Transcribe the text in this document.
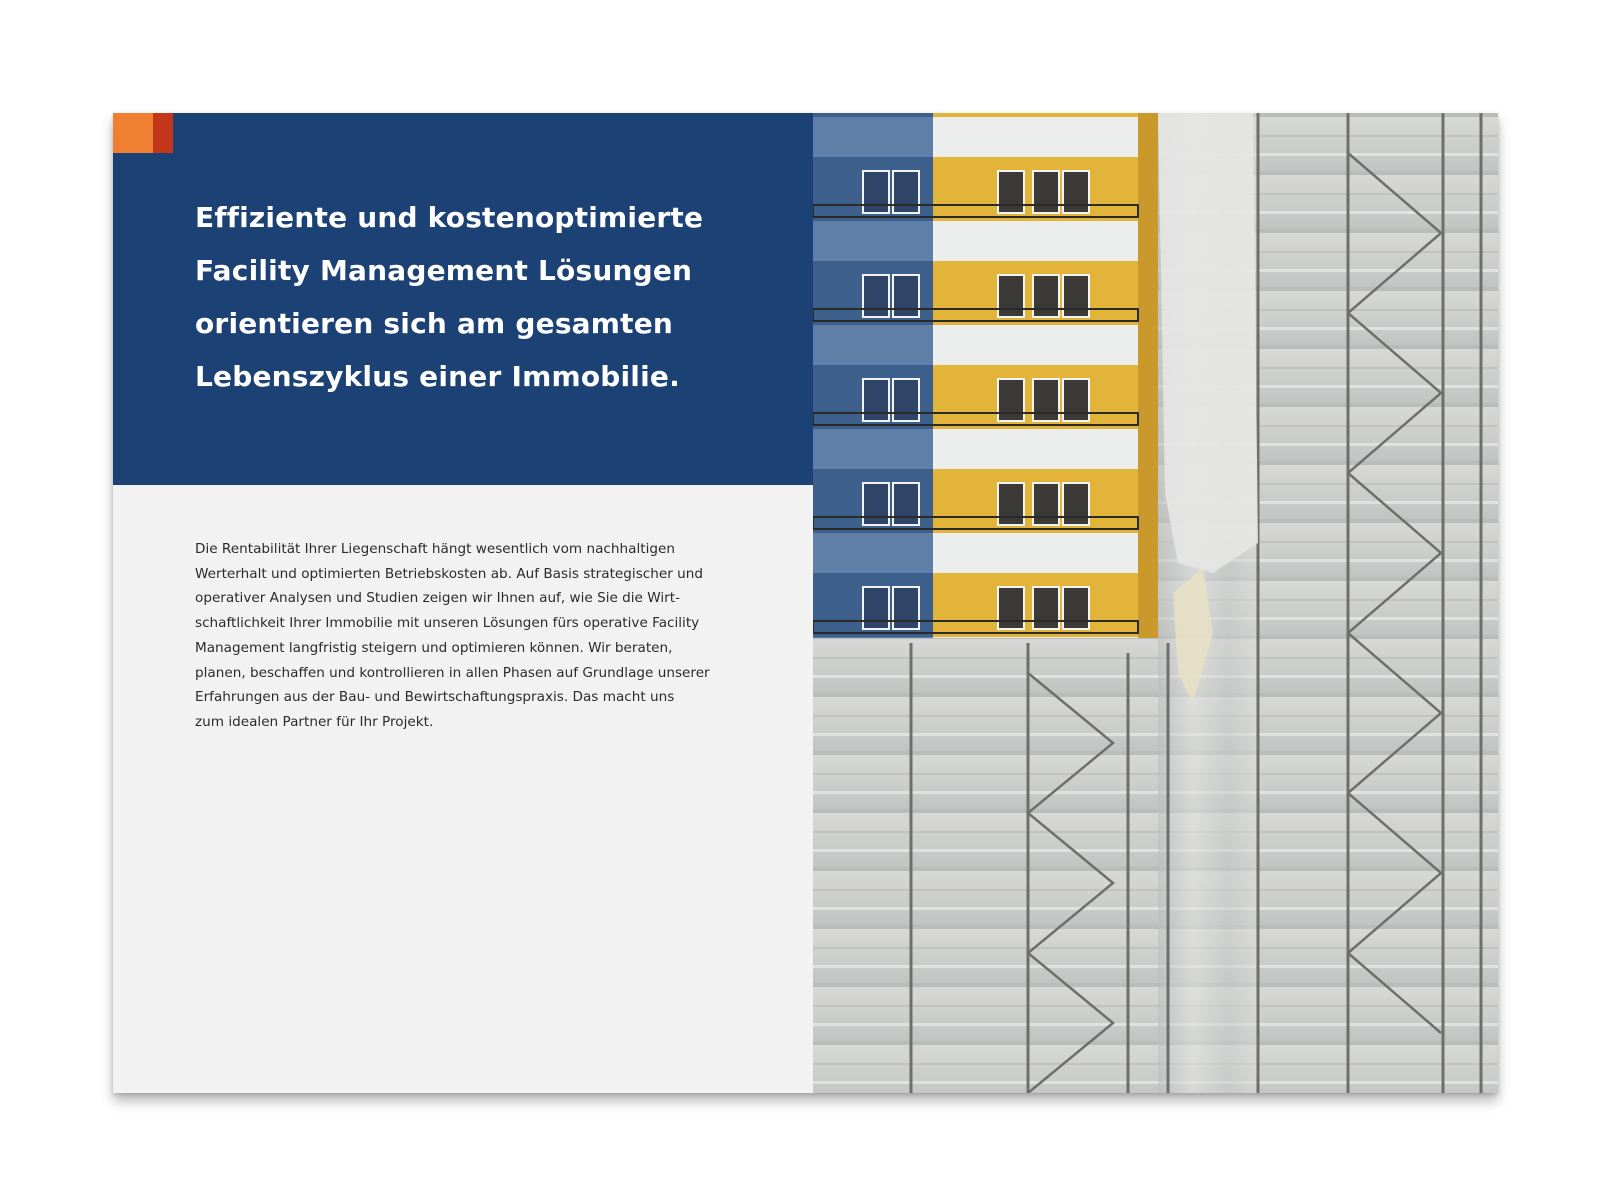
Effiziente und kostenoptimierte
Facility Management Lösungen
orientieren sich am gesamten
Lebenszyklus einer Immobilie.

Die Rentabilität Ihrer Liegenschaft hängt wesentlich vom nachhaltigen
Werterhalt und optimierten Betriebskosten ab. Auf Basis strategischer und
operativer Analysen und Studien zeigen wir Ihnen auf, wie Sie die Wirt-
schaftlichkeit Ihrer Immobilie mit unseren Lösungen fürs operative Facility
Management langfristig steigern und optimieren können. Wir beraten,
planen, beschaffen und kontrollieren in allen Phasen auf Grundlage unserer
Erfahrungen aus der Bau- und Bewirtschaftungspraxis. Das macht uns
zum idealen Partner für Ihr Projekt.
